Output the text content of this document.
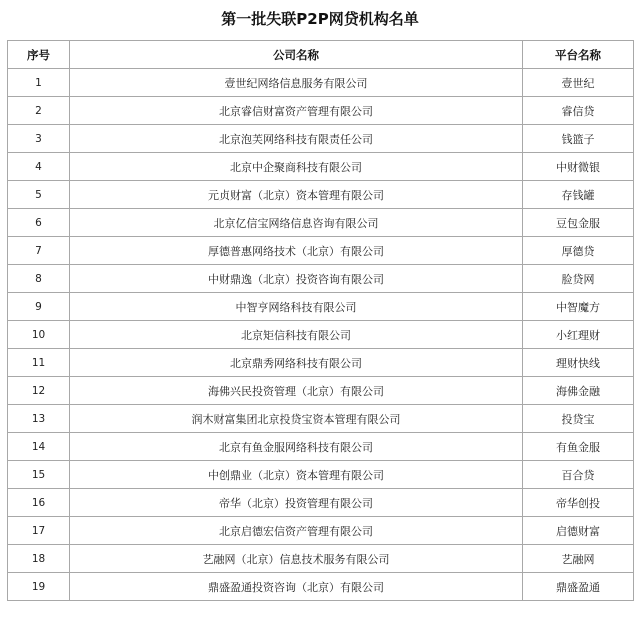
第一批失联P2P网贷机构名单
序号	公司名称	平台名称
1	壹世纪网络信息服务有限公司	壹世纪
2	北京睿信财富资产管理有限公司	睿信贷
3	北京泡芙网络科技有限责任公司	钱篮子
4	北京中企聚商科技有限公司	中财微银
5	元贞财富（北京）资本管理有限公司	存钱罐
6	北京亿信宝网络信息咨询有限公司	豆包金服
7	厚德普惠网络技术（北京）有限公司	厚德贷
8	中财鼎逸（北京）投资咨询有限公司	脸贷网
9	中智亨网络科技有限公司	中智魔方
10	北京矩信科技有限公司	小红理财
11	北京鼎秀网络科技有限公司	理财快线
12	海佛兴民投资管理（北京）有限公司	海佛金融
13	润木财富集团北京投贷宝资本管理有限公司	投贷宝
14	北京有鱼金服网络科技有限公司	有鱼金服
15	中创鼎业（北京）资本管理有限公司	百合贷
16	帝华（北京）投资管理有限公司	帝华创投
17	北京启德宏信资产管理有限公司	启德财富
18	艺融网（北京）信息技术服务有限公司	艺融网
19	鼎盛盈通投资咨询（北京）有限公司	鼎盛盈通
